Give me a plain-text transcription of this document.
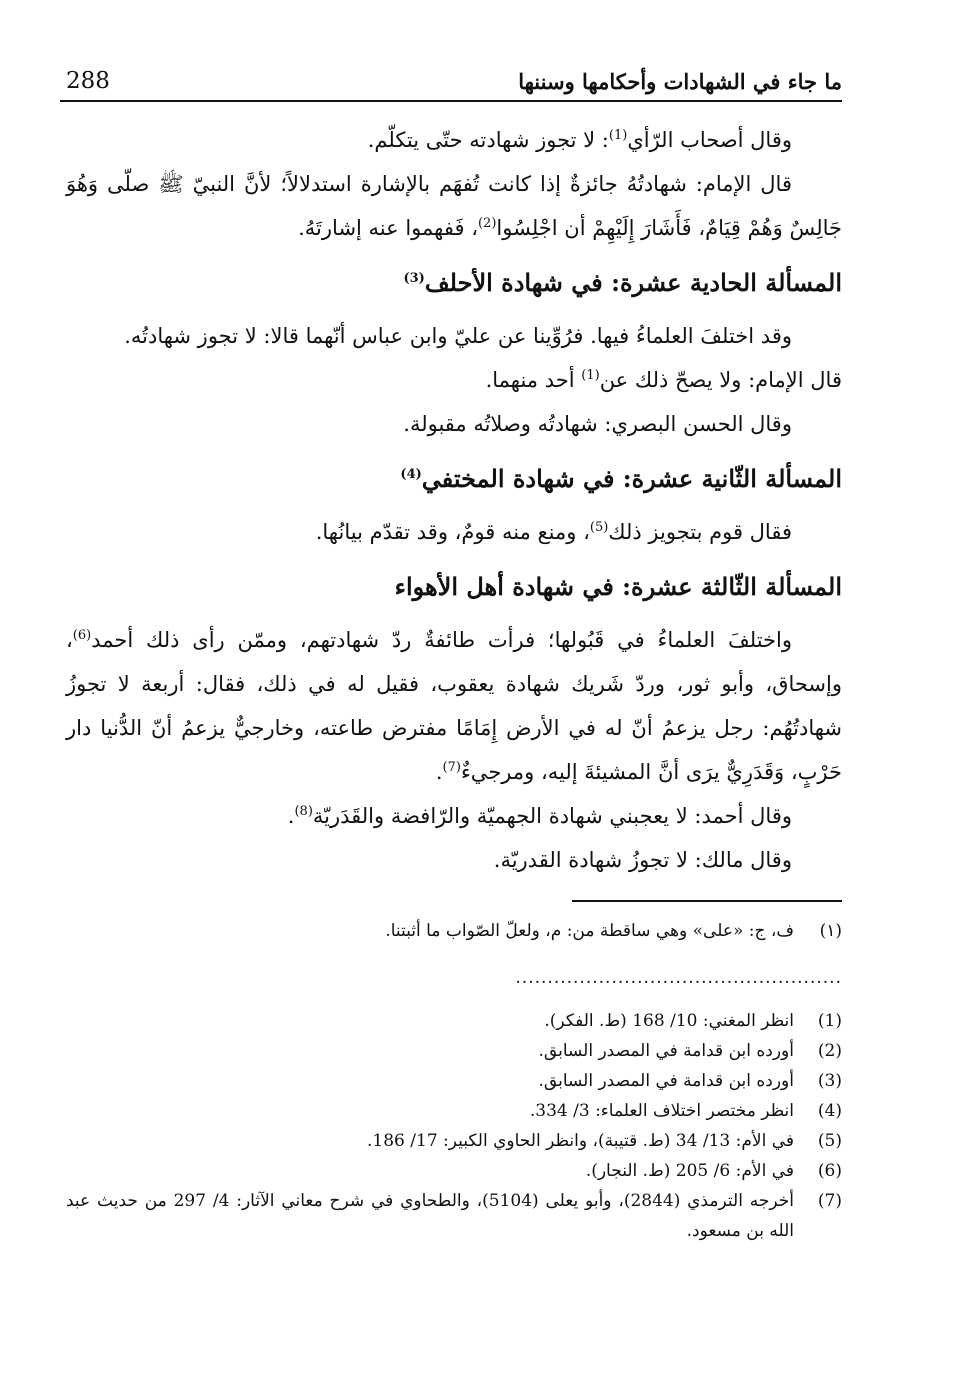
288	ما جاء في الشهادات وأحكامها وسننها

وقال أصحاب الرّأي$^{(1)}$: لا تجوز شهادته حتّى يتكلّم.

قال الإمام: شهادتُهُ جائزةٌ إذا كانت تُفهَم بالإشارة استدلالاً؛ لأنَّ النبيّ ﷺ صلّى وَهُوَ جَالِسٌ وَهُمْ قِيَامٌ، فَأَشَارَ إِلَيْهِمْ أن اجْلِسُوا$^{(2)}$، فَفهموا عنه إشارتَهُ.

المسألة الحادية عشرة: في شهادة الأحلف$^{(3)}$

وقد اختلفَ العلماءُ فيها. فرُوِّينا عن عليّ وابن عباس أنّهما قالا: لا تجوز شهادتُه.

قال الإمام: ولا يصحّ ذلك عن$^{(1)}$ أحد منهما.

وقال الحسن البصري: شهادتُه وصلاتُه مقبولة.

المسألة الثّانية عشرة: في شهادة المختفي$^{(4)}$

فقال قوم بتجويز ذلك$^{(5)}$، ومنع منه قومٌ، وقد تقدّم بيانُها.

المسألة الثّالثة عشرة: في شهادة أهل الأهواء

واختلفَ العلماءُ في قَبُولها؛ فرأت طائفةٌ ردّ شهادتهم، وممّن رأى ذلك أحمد$^{(6)}$، وإسحاق، وأبو ثور، وردّ شَريك شهادة يعقوب، فقيل له في ذلك، فقال: أربعة لا تجوزُ شهادتُهُم: رجل يزعمُ أنّ له في الأرض إِمَامًا مفترض طاعته، وخارجيٌّ يزعمُ أنّ الدُّنيا دار حَرْبٍ، وَقَدَرِيٌّ يرَى أنَّ المشيئةَ إليه، ومرجيءٌ$^{(7)}$.

وقال أحمد: لا يعجبني شهادة الجهميّة والرّافضة والقَدَريّة$^{(8)}$.

وقال مالك: لا تجوزُ شهادة القدريّة.

(١)
ف، ج: «على» وهي ساقطة من: م، ولعلّ الصّواب ما أثبتنا.
...................................................
(1)
انظر المغني: 10/ 168 (ط. الفكر).
(2)
أورده ابن قدامة في المصدر السابق.
(3)
أورده ابن قدامة في المصدر السابق.
(4)
انظر مختصر اختلاف العلماء: 3/ 334.
(5)
في الأم: 13/ 34 (ط. قتيبة)، وانظر الحاوي الكبير: 17/ 186.
(6)
في الأم: 6/ 205 (ط. النجار).
(7)
أخرجه الترمذي (2844)، وأبو يعلى (5104)، والطحاوي في شرح معاني الآثار: 4/ 297 من حديث عبد الله بن مسعود.
